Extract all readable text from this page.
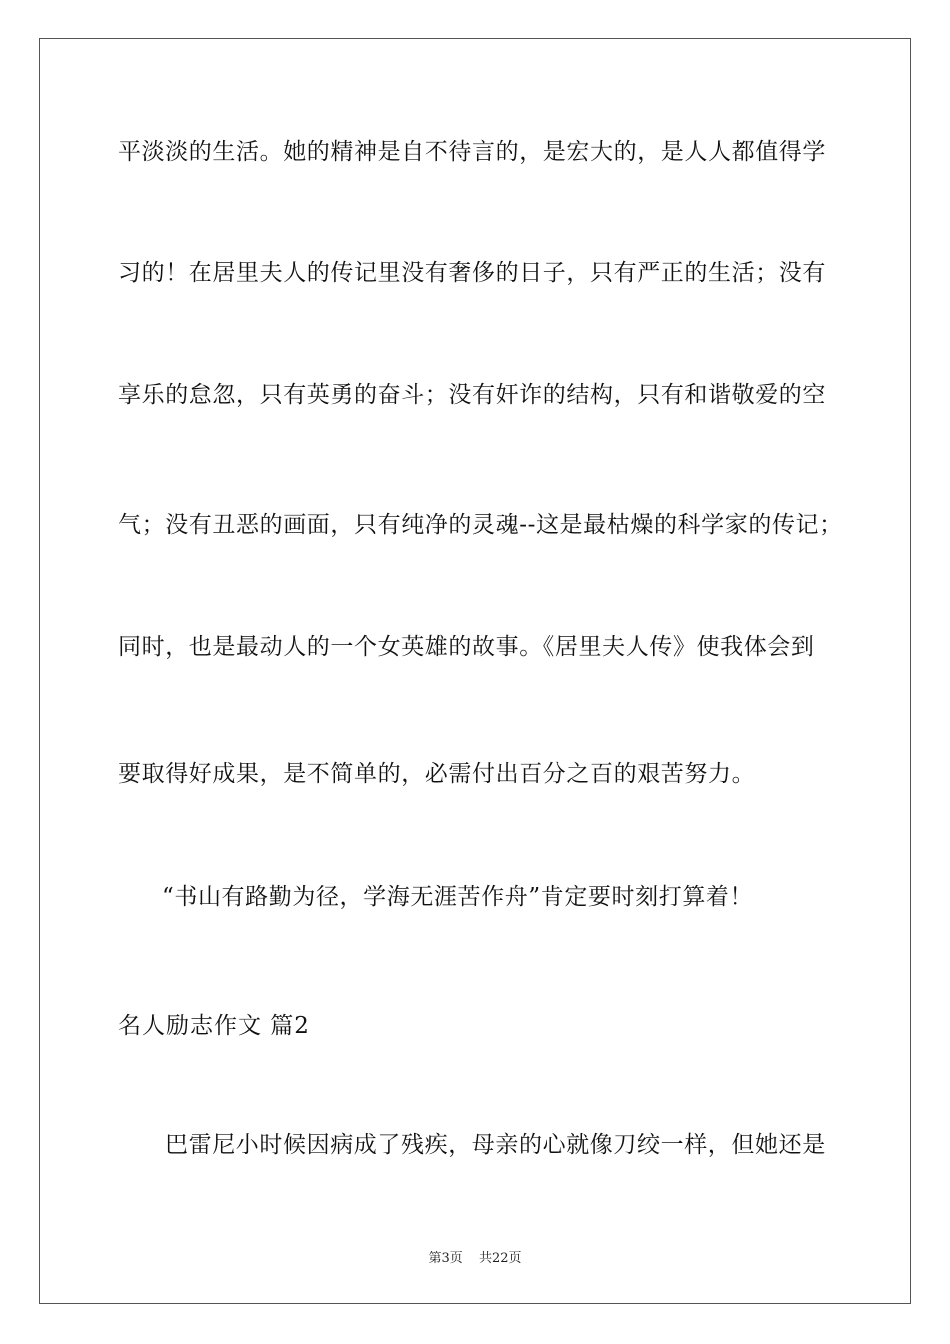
平淡淡的生活。她的精神是自不待言的，是宏大的，是人人都值得学
习的！在居里夫人的传记里没有奢侈的日子，只有严正的生活；没有
享乐的怠忽，只有英勇的奋斗；没有奸诈的结构，只有和谐敬爱的空
气；没有丑恶的画面，只有纯净的灵魂--这是最枯燥的科学家的传记；
同时，也是最动人的一个女英雄的故事。《居里夫人传》使我体会到
要取得好成果，是不简单的，必需付出百分之百的艰苦努力。
“书山有路勤为径，学海无涯苦作舟”肯定要时刻打算着！
名人励志作文 篇2
巴雷尼小时候因病成了残疾，母亲的心就像刀绞一样，但她还是
第3页 共22页
